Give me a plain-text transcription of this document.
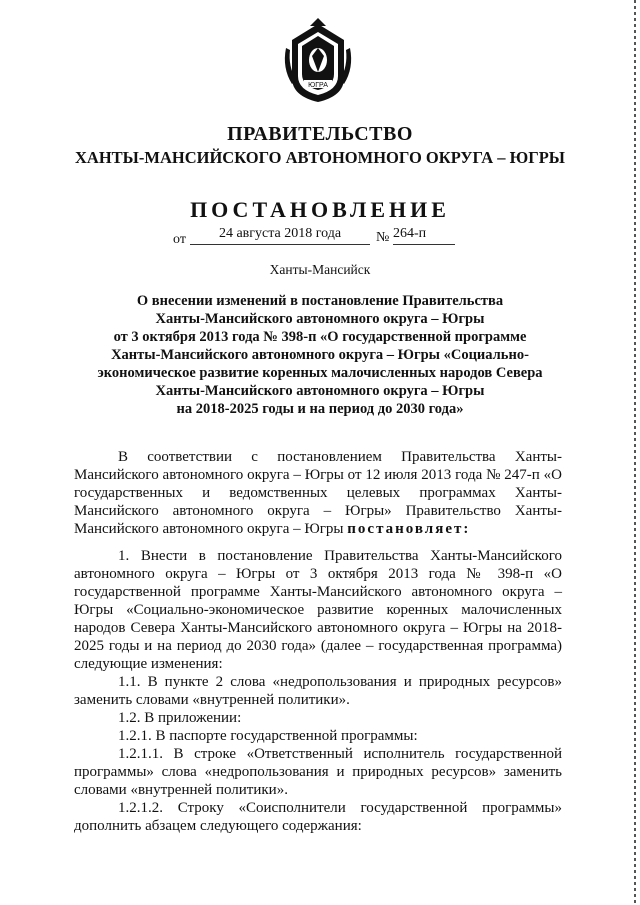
ЮГРА
ПРАВИТЕЛЬСТВО
ХАНТЫ-МАНСИЙСКОГО АВТОНОМНОГО ОКРУГА – ЮГРЫ
ПОСТАНОВЛЕНИЕ
от	24 августа 2018 года	№ 264-п
Ханты-Мансийск
О внесении изменений в постановление Правительства
Ханты-Мансийского автономного округа – Югры
от 3 октября 2013 года № 398-п «О государственной программе
Ханты-Мансийского автономного округа – Югры «Социально-
экономическое развитие коренных малочисленных народов Севера
Ханты-Мансийского автономного округа – Югры
на 2018-2025 годы и на период до 2030 года»

В соответствии с постановлением Правительства Ханты-Мансийского автономного округа – Югры от 12 июля 2013 года № 247-п «О государственных и ведомственных целевых программах Ханты-Мансийского автономного округа – Югры» Правительство Ханты-Мансийского автономного округа – Югры постановляет:

1. Внести в постановление Правительства Ханты-Мансийского автономного округа – Югры от 3 октября 2013 года № 398-п «О государственной программе Ханты-Мансийского автономного округа – Югры «Социально-экономическое развитие коренных малочисленных народов Севера Ханты-Мансийского автономного округа – Югры на 2018-2025 годы и на период до 2030 года» (далее – государственная программа) следующие изменения:

1.1. В пункте 2 слова «недропользования и природных ресурсов» заменить словами «внутренней политики».

1.2. В приложении:

1.2.1. В паспорте государственной программы:

1.2.1.1. В строке «Ответственный исполнитель государственной программы» слова «недропользования и природных ресурсов» заменить словами «внутренней политики».

1.2.1.2. Строку «Соисполнители государственной программы» дополнить абзацем следующего содержания:
